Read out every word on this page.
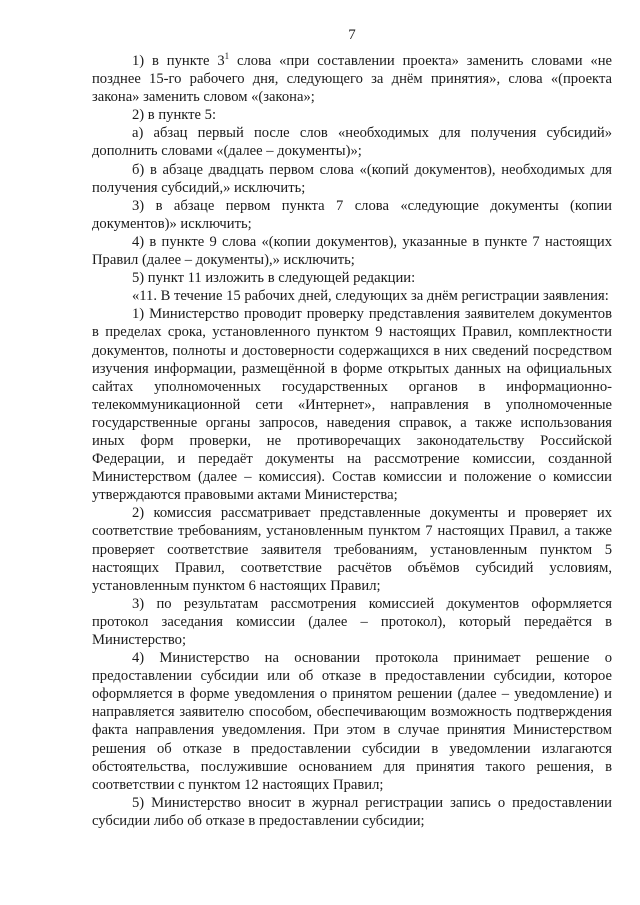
7

1) в пункте $3^1$ слова «при составлении проекта» заменить словами «не позднее 15-го рабочего дня, следующего за днём принятия», слова «(проекта закона» заменить словом «(закона»;

2) в пункте 5:

а) абзац первый после слов «необходимых для получения субсидий» дополнить словами «(далее – документы)»;

б) в абзаце двадцать первом слова «(копий документов), необходимых для получения субсидий,» исключить;

3) в абзаце первом пункта 7 слова «следующие документы (копии документов)» исключить;

4) в пункте 9 слова «(копии документов), указанные в пункте 7 настоящих Правил (далее – документы),» исключить;

5) пункт 11 изложить в следующей редакции:

«11. В течение 15 рабочих дней, следующих за днём регистрации заявления:

1) Министерство проводит проверку представления заявителем документов в пределах срока, установленного пунктом 9 настоящих Правил, комплектности документов, полноты и достоверности содержащихся в них сведений посредством изучения информации, размещённой в форме открытых данных на официальных сайтах уполномоченных государственных органов в информационно-телекоммуникационной сети «Интернет», направления в уполномоченные государственные органы запросов, наведения справок, а также использования иных форм проверки, не противоречащих законодательству Российской Федерации, и передаёт документы на рассмотрение комиссии, созданной Министерством (далее – комиссия). Состав комиссии и положение о комиссии утверждаются правовыми актами Министерства;

2) комиссия рассматривает представленные документы и проверяет их соответствие требованиям, установленным пунктом 7 настоящих Правил, а также проверяет соответствие заявителя требованиям, установленным пунктом 5 настоящих Правил, соответствие расчётов объёмов субсидий условиям, установленным пунктом 6 настоящих Правил;

3) по результатам рассмотрения комиссией документов оформляется протокол заседания комиссии (далее – протокол), который передаётся в Министерство;

4) Министерство на основании протокола принимает решение о предоставлении субсидии или об отказе в предоставлении субсидии, которое оформляется в форме уведомления о принятом решении (далее – уведомление) и направляется заявителю способом, обеспечивающим возможность подтверждения факта направления уведомления. При этом в случае принятия Министерством решения об отказе в предоставлении субсидии в уведомлении излагаются обстоятельства, послужившие основанием для принятия такого решения, в соответствии с пунктом 12 настоящих Правил;

5) Министерство вносит в журнал регистрации запись о предоставлении субсидии либо об отказе в предоставлении субсидии;
